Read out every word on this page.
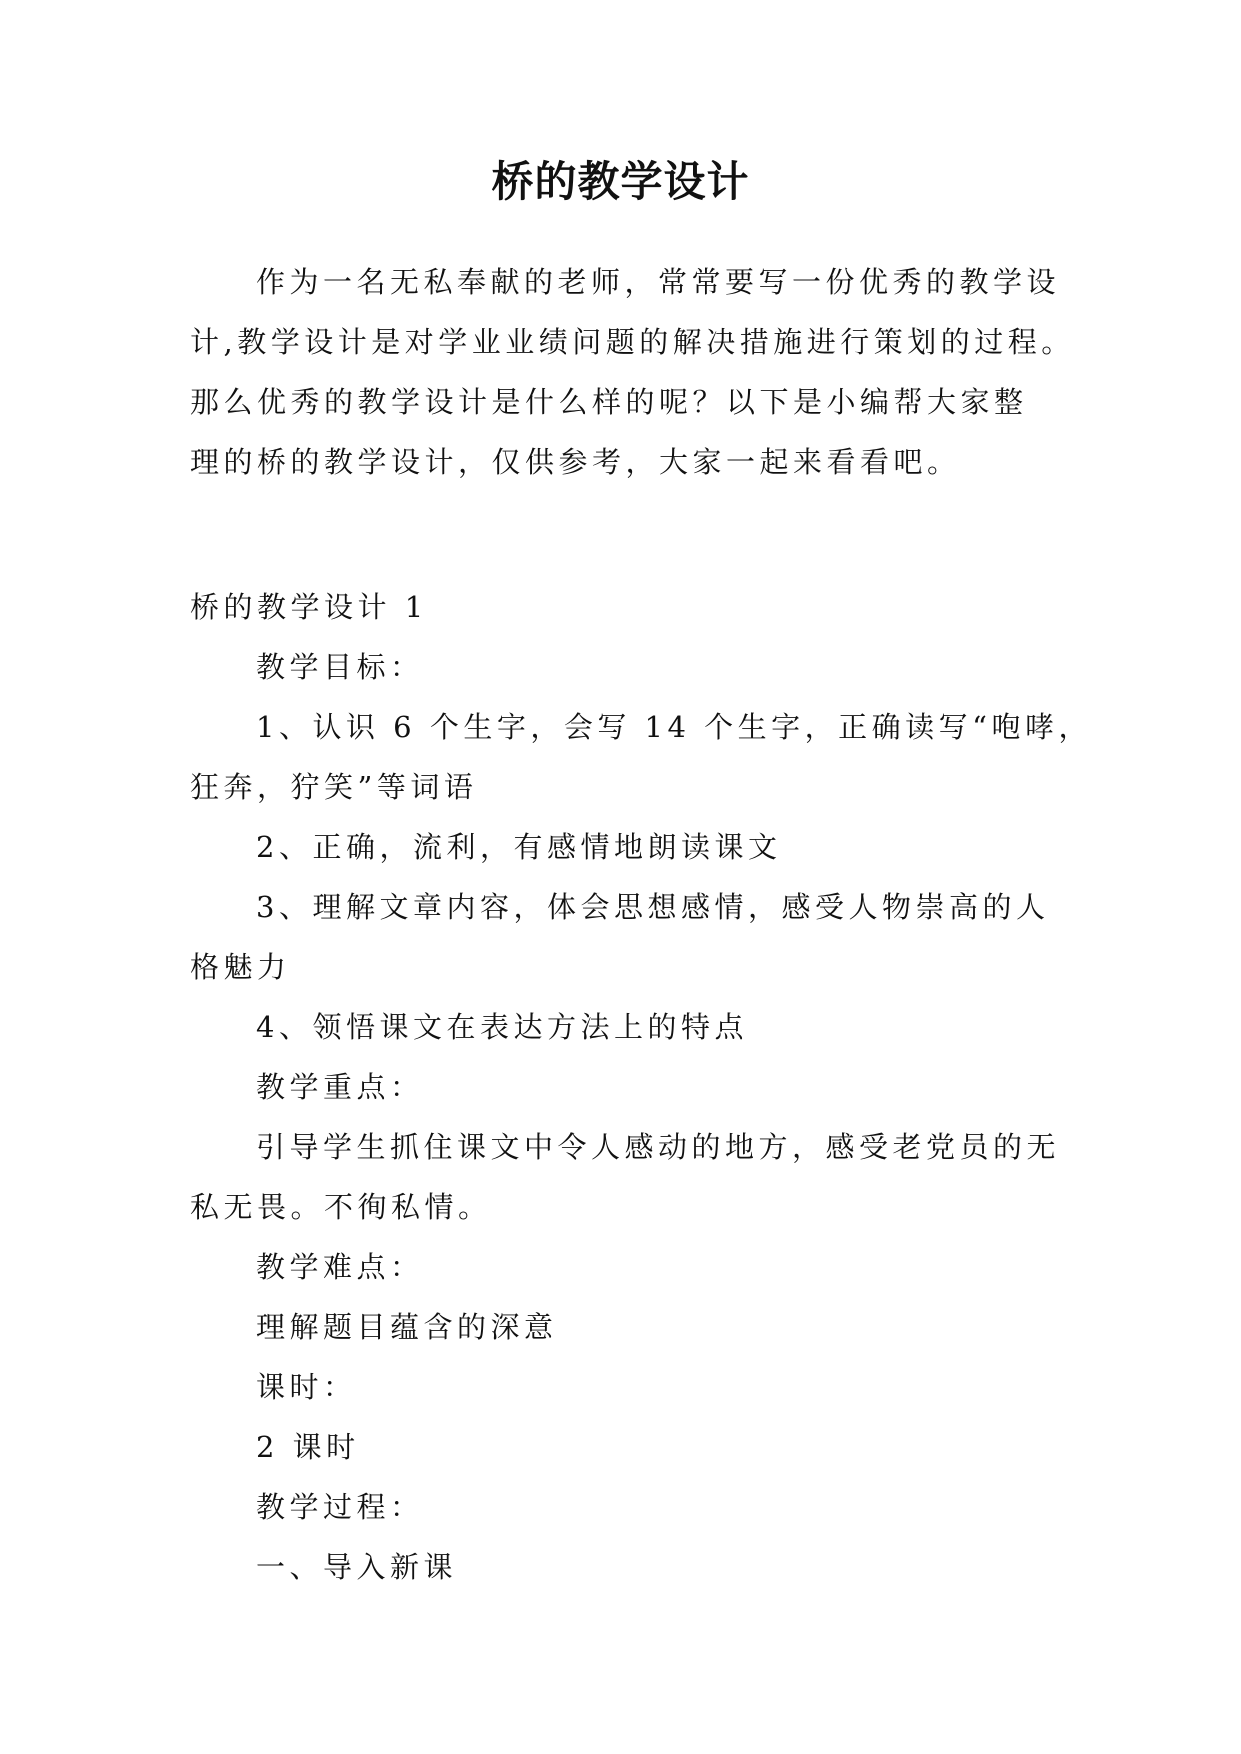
桥的教学设计
作为一名无私奉献的老师，常常要写一份优秀的教学设
计,教学设计是对学业业绩问题的解决措施进行策划的过程。
那么优秀的教学设计是什么样的呢？以下是小编帮大家整
理的桥的教学设计，仅供参考，大家一起来看看吧。
桥的教学设计 1
教学目标：
1、认识 6 个生字，会写 14 个生字，正确读写“咆哮，
狂奔，狞笑”等词语
2、正确，流利，有感情地朗读课文
3、理解文章内容，体会思想感情，感受人物崇高的人
格魅力
4、领悟课文在表达方法上的特点
教学重点：
引导学生抓住课文中令人感动的地方，感受老党员的无
私无畏。不徇私情。
教学难点：
理解题目蕴含的深意
课时：
2 课时
教学过程：
一、导入新课
